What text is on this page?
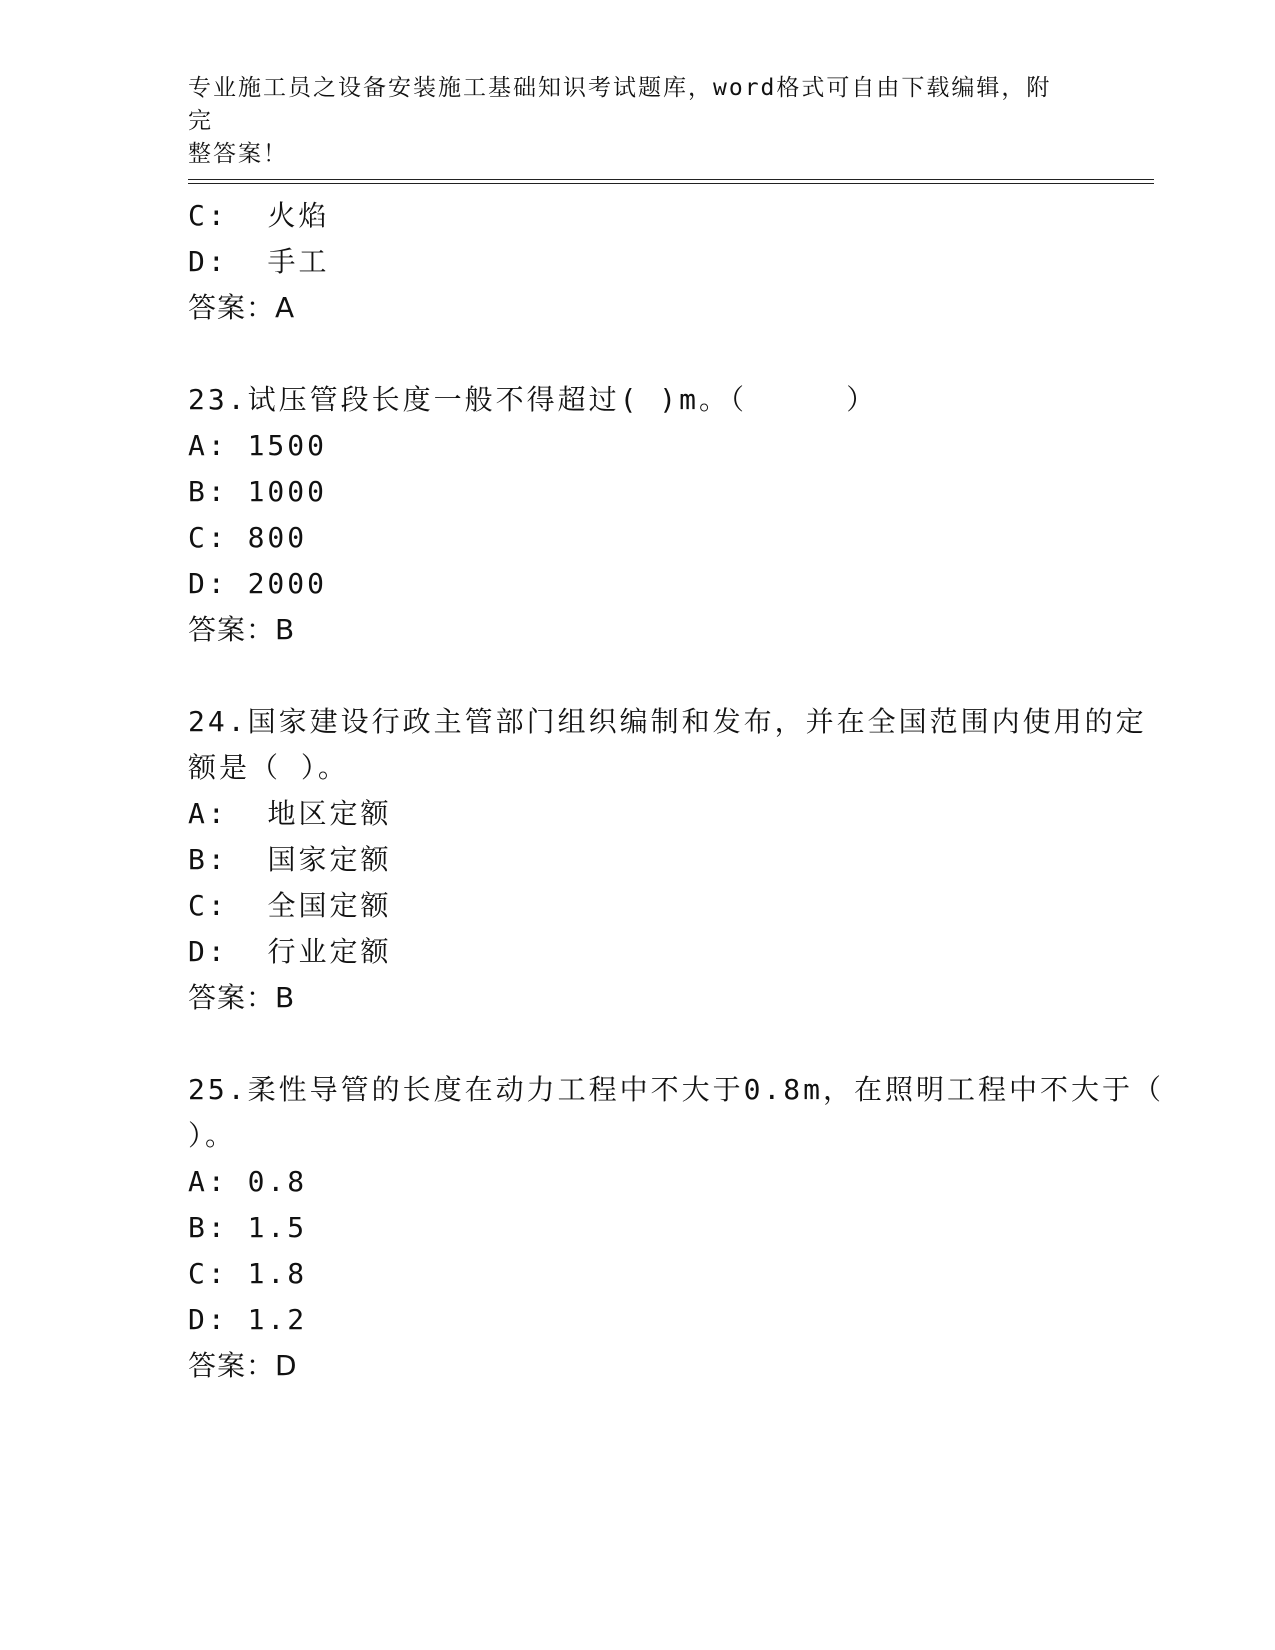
专业施工员之设备安装施工基础知识考试题库，word格式可自由下载编辑，附完
整答案！
C:  火焰
D:  手工
答案：A
23.试压管段长度一般不得超过( )m。（     ）
A: 1500
B: 1000
C: 800
D: 2000
答案：B
24.国家建设行政主管部门组织编制和发布，并在全国范围内使用的定
额是（ ）。
A:  地区定额
B:  国家定额
C:  全国定额
D:  行业定额
答案：B
25.柔性导管的长度在动力工程中不大于0.8m，在照明工程中不大于（
）。
A: 0.8
B: 1.5
C: 1.8
D: 1.2
答案：D
